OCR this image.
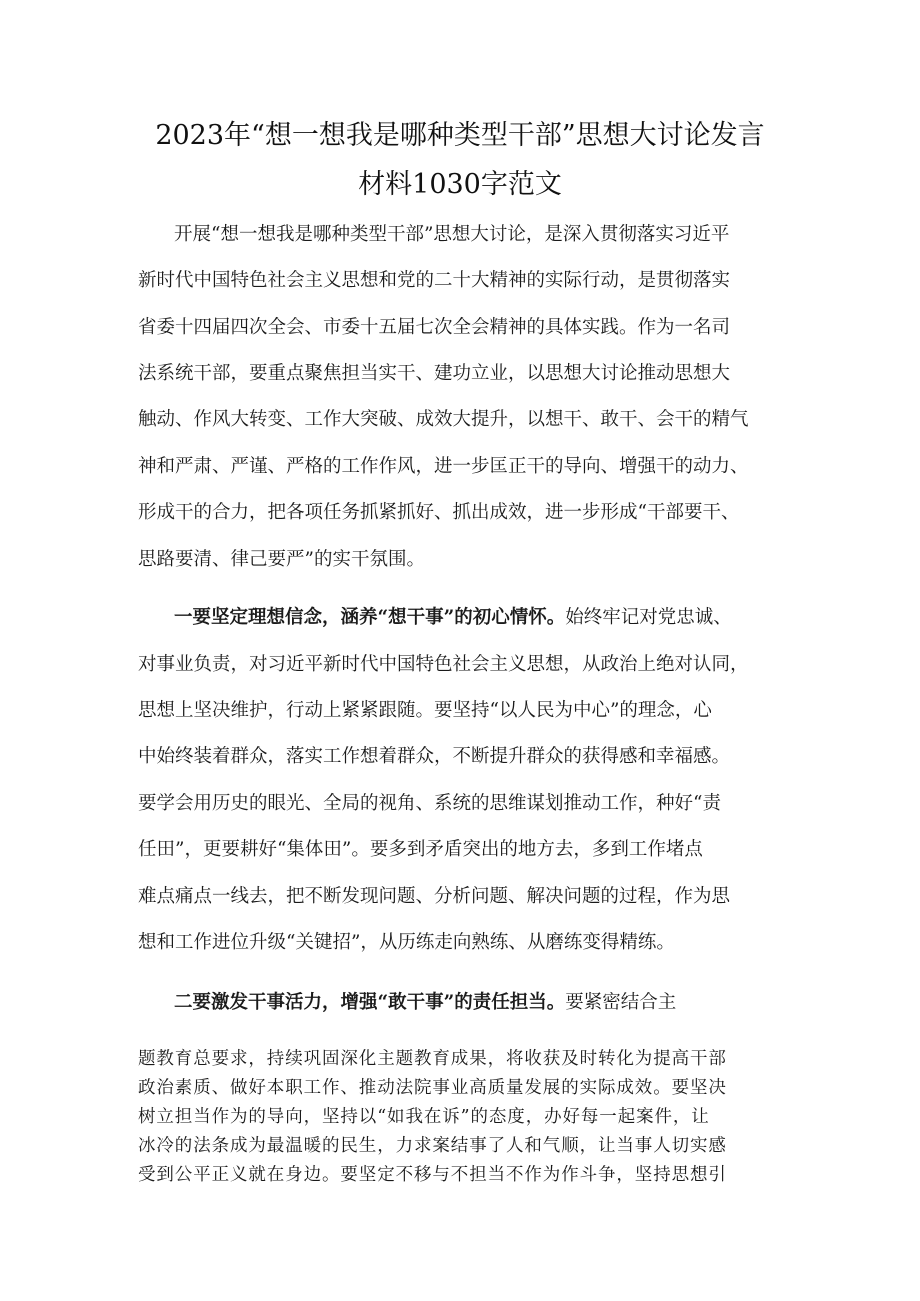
2023年“想一想我是哪种类型干部”思想大讨论发言
材料1030字范文
开展“想一想我是哪种类型干部”思想大讨论，是深入贯彻落实习近平
新时代中国特色社会主义思想和党的二十大精神的实际行动，是贯彻落实
省委十四届四次全会、市委十五届七次全会精神的具体实践。作为一名司
法系统干部，要重点聚焦担当实干、建功立业，以思想大讨论推动思想大
触动、作风大转变、工作大突破、成效大提升，以想干、敢干、会干的精气
神和严肃、严谨、严格的工作作风，进一步匡正干的导向、增强干的动力、
形成干的合力，把各项任务抓紧抓好、抓出成效，进一步形成“干部要干、
思路要清、律己要严”的实干氛围。
一要坚定理想信念，涵养“想干事”的初心情怀。始终牢记对党忠诚、
对事业负责，对习近平新时代中国特色社会主义思想，从政治上绝对认同，
思想上坚决维护，行动上紧紧跟随。要坚持“以人民为中心”的理念，心
中始终装着群众，落实工作想着群众，不断提升群众的获得感和幸福感。
要学会用历史的眼光、全局的视角、系统的思维谋划推动工作，种好“责
任田”，更要耕好“集体田”。要多到矛盾突出的地方去，多到工作堵点
难点痛点一线去，把不断发现问题、分析问题、解决问题的过程，作为思
想和工作进位升级“关键招”，从历练走向熟练、从磨练变得精练。
二要激发干事活力，增强“敢干事”的责任担当。要紧密结合主
题教育总要求，持续巩固深化主题教育成果，将收获及时转化为提高干部
政治素质、做好本职工作、推动法院事业高质量发展的实际成效。要坚决
树立担当作为的导向，坚持以“如我在诉”的态度，办好每一起案件，让
冰冷的法条成为最温暖的民生，力求案结事了人和气顺，让当事人切实感
受到公平正义就在身边。要坚定不移与不担当不作为作斗争，坚持思想引
